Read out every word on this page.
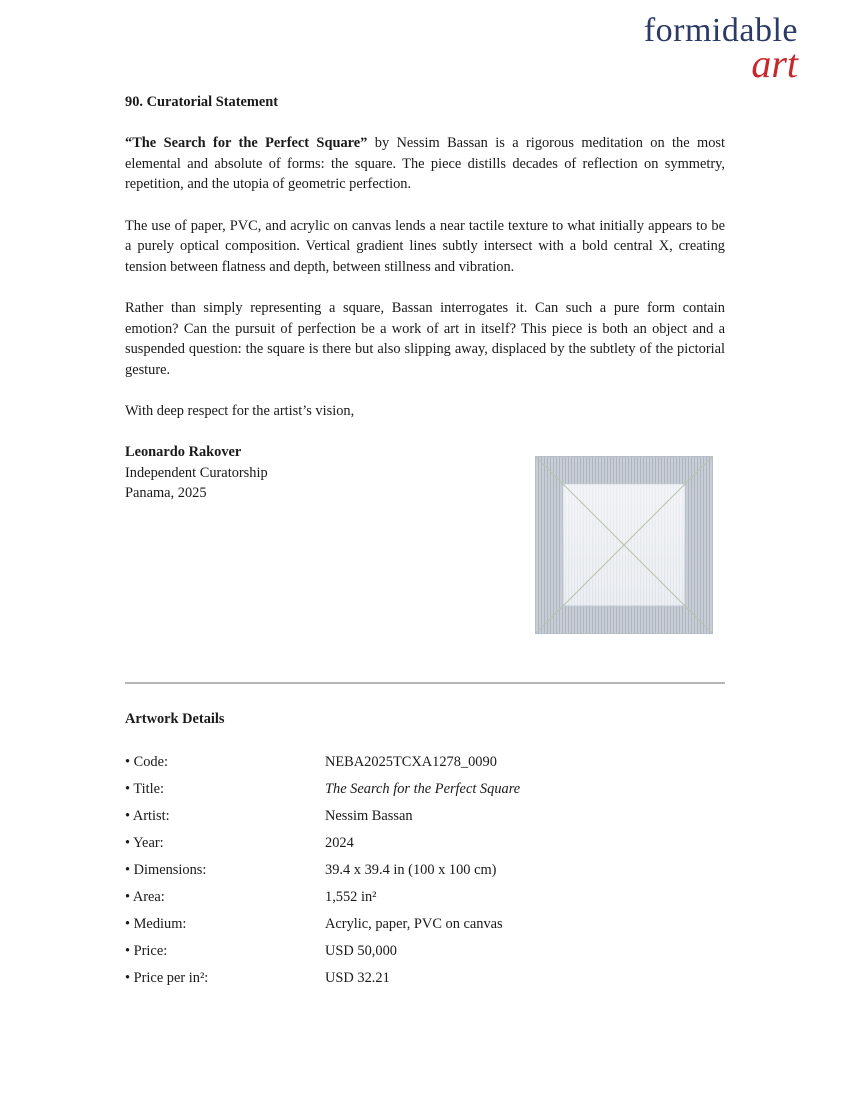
formidable
art
90. Curatorial Statement

“The Search for the Perfect Square” by Nessim Bassan is a rigorous meditation on the most elemental and absolute of forms: the square. The piece distills decades of reflection on symmetry, repetition, and the utopia of geometric perfection.

The use of paper, PVC, and acrylic on canvas lends a near tactile texture to what initially appears to be a purely optical composition. Vertical gradient lines subtly intersect with a bold central X, creating tension between flatness and depth, between stillness and vibration.

Rather than simply representing a square, Bassan interrogates it. Can such a pure form contain emotion? Can the pursuit of perfection be a work of art in itself? This piece is both an object and a suspended question: the square is there but also slipping away, displaced by the subtlety of the pictorial gesture.

With deep respect for the artist’s vision,

Leonardo Rakover
Independent Curatorship
Panama, 2025
Artwork Details
• Code:	NEBA2025TCXA1278_0090
• Title:	The Search for the Perfect Square
• Artist:	Nessim Bassan
• Year:	2024
• Dimensions:	39.4 x 39.4 in (100 x 100 cm)
• Area:	1,552 in²
• Medium:	Acrylic, paper, PVC on canvas
• Price:	USD 50,000
• Price per in²:	USD 32.21
